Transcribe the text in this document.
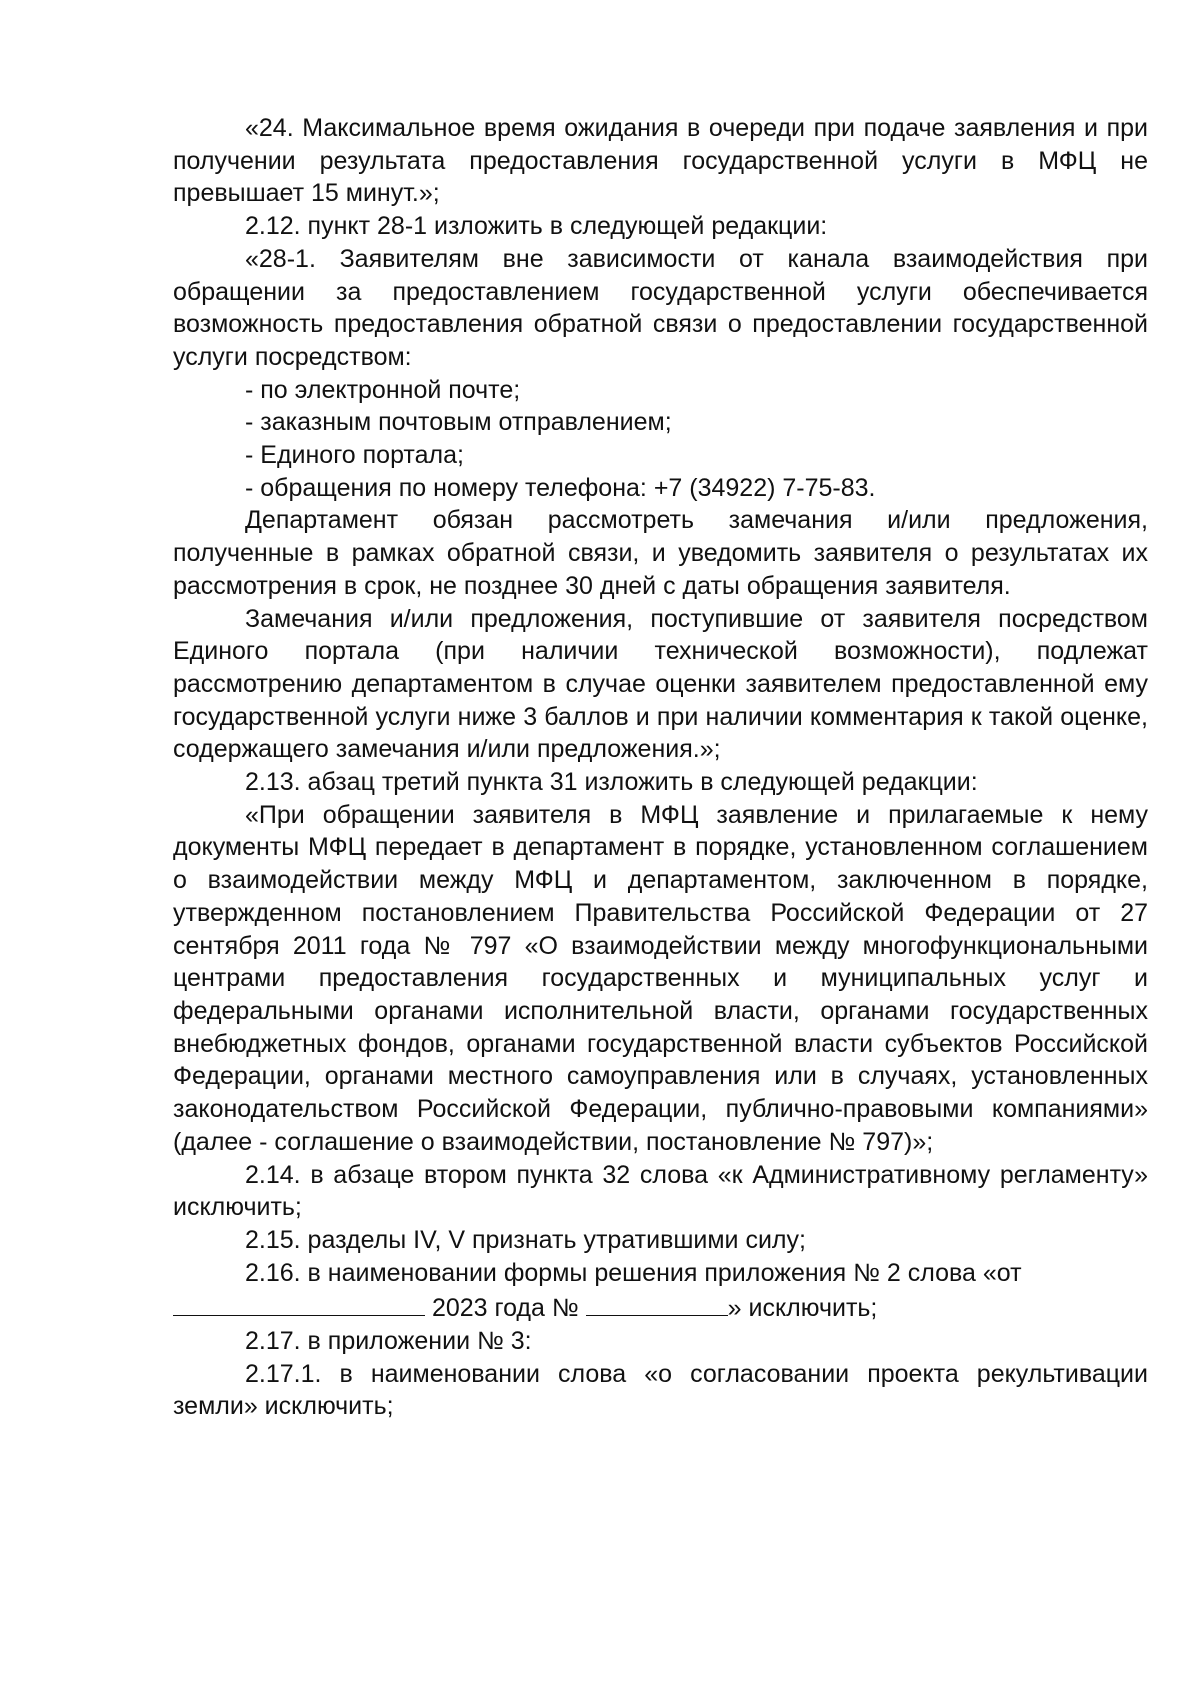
«24. Максимальное время ожидания в очереди при подаче заявления и при получении результата предоставления государственной услуги в МФЦ не превышает 15 минут.»;

2.12. пункт 28-1 изложить в следующей редакции:

«28-1. Заявителям вне зависимости от канала взаимодействия при обращении за предоставлением государственной услуги обеспечивается возможность предоставления обратной связи о предоставлении государственной услуги посредством:

- по электронной почте;

- заказным почтовым отправлением;

- Единого портала;

- обращения по номеру телефона: +7 (34922) 7-75-83.

Департамент обязан рассмотреть замечания и/или предложения, полученные в рамках обратной связи, и уведомить заявителя о результатах их рассмотрения в срок, не позднее 30 дней с даты обращения заявителя.

Замечания и/или предложения, поступившие от заявителя посредством Единого портала (при наличии технической возможности), подлежат рассмотрению департаментом в случае оценки заявителем предоставленной ему государственной услуги ниже 3 баллов и при наличии комментария к такой оценке, содержащего замечания и/или предложения.»;

2.13. абзац третий пункта 31 изложить в следующей редакции:

«При обращении заявителя в МФЦ заявление и прилагаемые к нему документы МФЦ передает в департамент в порядке, установленном соглашением о взаимодействии между МФЦ и департаментом, заключенном в порядке, утвержденном постановлением Правительства Российской Федерации от 27 сентября 2011 года № 797 «О взаимодействии между многофункциональными центрами предоставления государственных и муниципальных услуг и федеральными органами исполнительной власти, органами государственных внебюджетных фондов, органами государственной власти субъектов Российской Федерации, органами местного самоуправления или в случаях, установленных законодательством Российской Федерации, публично-правовыми компаниями» (далее - соглашение о взаимодействии, постановление № 797)»;

2.14. в абзаце втором пункта 32 слова «к Административному регламенту» исключить;

2.15. разделы IV, V признать утратившими силу;

2.16. в наименовании формы решения приложения № 2 слова «от
2023 года №	» исключить;

2.17. в приложении № 3:

2.17.1. в наименовании слова «о согласовании проекта рекультивации земли» исключить;
